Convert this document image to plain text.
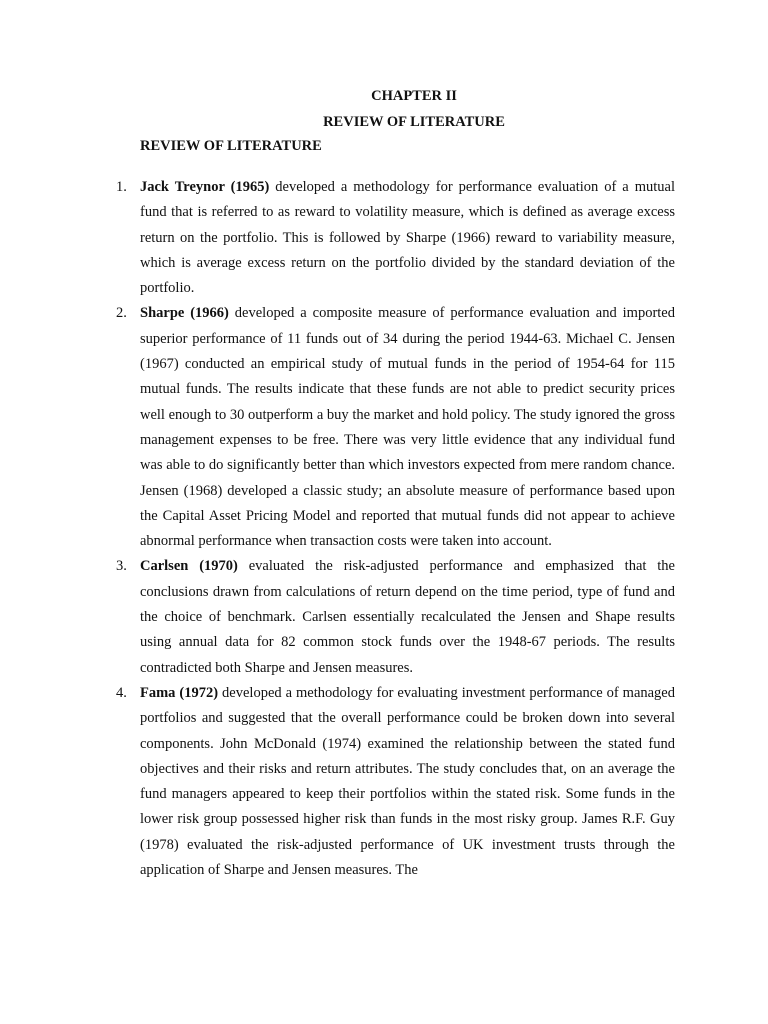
CHAPTER II
REVIEW OF LITERATURE
REVIEW OF LITERATURE
1. Jack Treynor (1965) developed a methodology for performance evaluation of a mutual fund that is referred to as reward to volatility measure, which is defined as average excess return on the portfolio. This is followed by Sharpe (1966) reward to variability measure, which is average excess return on the portfolio divided by the standard deviation of the portfolio.
2. Sharpe (1966) developed a composite measure of performance evaluation and imported superior performance of 11 funds out of 34 during the period 1944-63. Michael C. Jensen (1967) conducted an empirical study of mutual funds in the period of 1954-64 for 115 mutual funds. The results indicate that these funds are not able to predict security prices well enough to 30 outperform a buy the market and hold policy. The study ignored the gross management expenses to be free. There was very little evidence that any individual fund was able to do significantly better than which investors expected from mere random chance. Jensen (1968) developed a classic study; an absolute measure of performance based upon the Capital Asset Pricing Model and reported that mutual funds did not appear to achieve abnormal performance when transaction costs were taken into account.
3. Carlsen (1970) evaluated the risk-adjusted performance and emphasized that the conclusions drawn from calculations of return depend on the time period, type of fund and the choice of benchmark. Carlsen essentially recalculated the Jensen and Shape results using annual data for 82 common stock funds over the 1948-67 periods. The results contradicted both Sharpe and Jensen measures.
4. Fama (1972) developed a methodology for evaluating investment performance of managed portfolios and suggested that the overall performance could be broken down into several components. John McDonald (1974) examined the relationship between the stated fund objectives and their risks and return attributes. The study concludes that, on an average the fund managers appeared to keep their portfolios within the stated risk. Some funds in the lower risk group possessed higher risk than funds in the most risky group. James R.F. Guy (1978) evaluated the risk-adjusted performance of UK investment trusts through the application of Sharpe and Jensen measures. The
